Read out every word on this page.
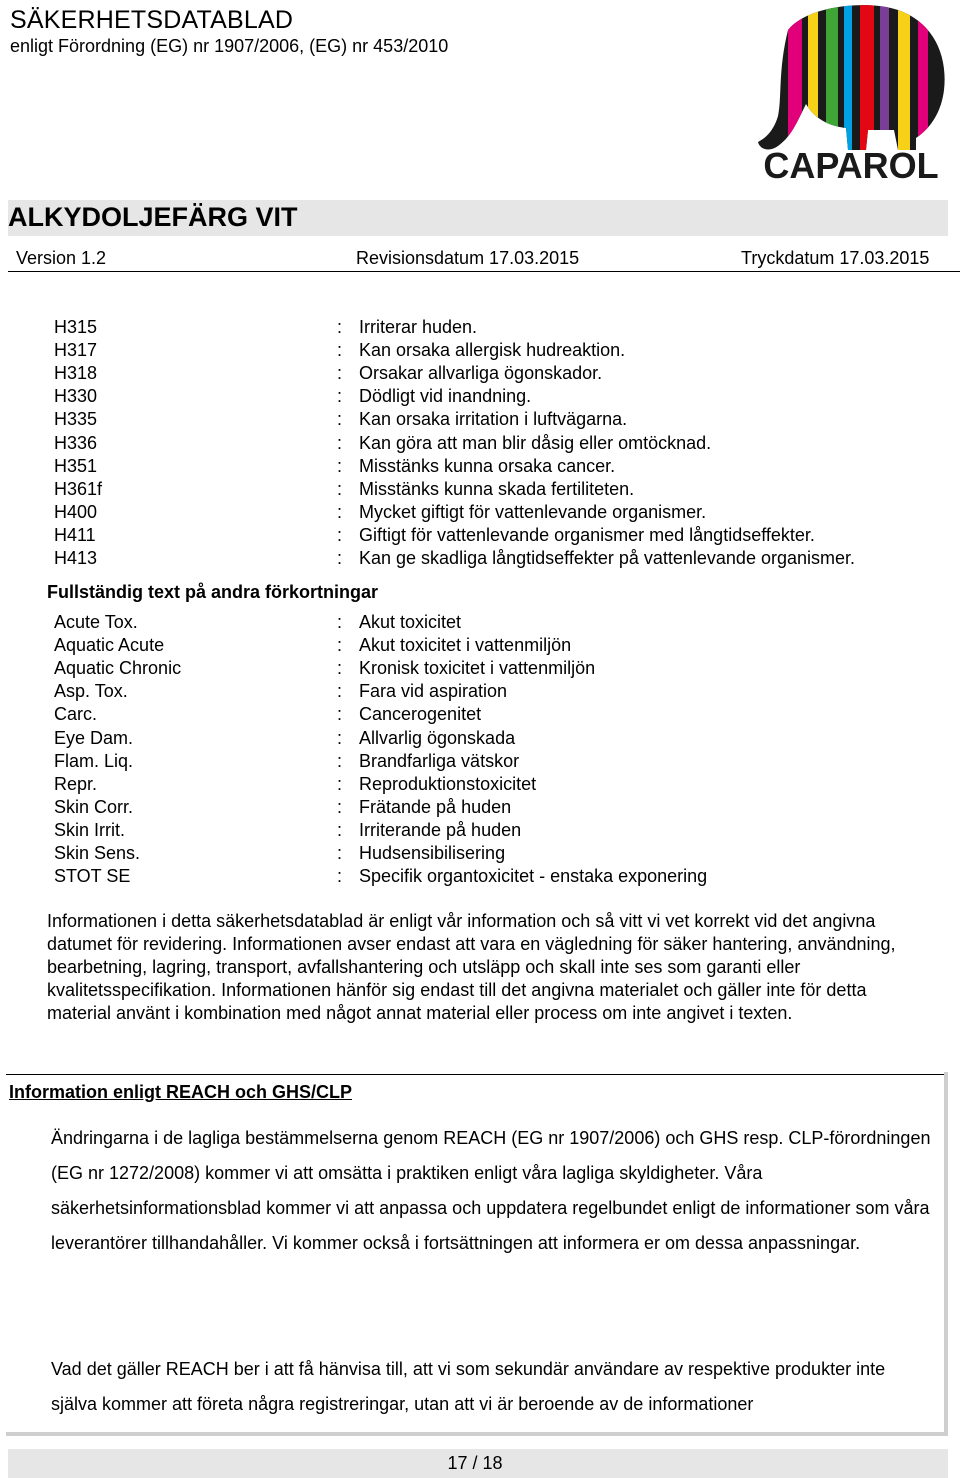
SÄKERHETSDATABLAD
enligt Förordning (EG) nr 1907/2006, (EG) nr 453/2010
CAPAROL
ALKYDOLJEFÄRG VIT
Version 1.2	Revisionsdatum 17.03.2015	Tryckdatum 17.03.2015
H315	: Irriterar huden.
H317	: Kan orsaka allergisk hudreaktion.
H318	: Orsakar allvarliga ögonskador.
H330	: Dödligt vid inandning.
H335	: Kan orsaka irritation i luftvägarna.
H336	: Kan göra att man blir dåsig eller omtöcknad.
H351	: Misstänks kunna orsaka cancer.
H361f	: Misstänks kunna skada fertiliteten.
H400	: Mycket giftigt för vattenlevande organismer.
H411	: Giftigt för vattenlevande organismer med långtidseffekter.
H413	: Kan ge skadliga långtidseffekter på vattenlevande organismer.
Fullständig text på andra förkortningar
Acute Tox.	: Akut toxicitet
Aquatic Acute	: Akut toxicitet i vattenmiljön
Aquatic Chronic	: Kronisk toxicitet i vattenmiljön
Asp. Tox.	: Fara vid aspiration
Carc.	: Cancerogenitet
Eye Dam.	: Allvarlig ögonskada
Flam. Liq.	: Brandfarliga vätskor
Repr.	: Reproduktionstoxicitet
Skin Corr.	: Frätande på huden
Skin Irrit.	: Irriterande på huden
Skin Sens.	: Hudsensibilisering
STOT SE	: Specifik organtoxicitet - enstaka exponering
Informationen i detta säkerhetsdatablad är enligt vår information och så vitt vi vet korrekt vid det angivna datumet för revidering. Informationen avser endast att vara en vägledning för säker hantering, användning, bearbetning, lagring, transport, avfallshantering och utsläpp och skall inte ses som garanti eller kvalitetsspecifikation. Informationen hänför sig endast till det angivna materialet och gäller inte för detta material använt i kombination med något annat material eller process om inte angivet i texten.
Information enligt REACH och GHS/CLP
Ändringarna i de lagliga bestämmelserna genom REACH (EG nr 1907/2006) och GHS resp. CLP-förordningen (EG nr 1272/2008) kommer vi att omsätta i praktiken enligt våra lagliga skyldigheter. Våra säkerhetsinformationsblad kommer vi att anpassa och uppdatera regelbundet enligt de informationer som våra leverantörer tillhandahåller. Vi kommer också i fortsättningen att informera er om dessa anpassningar.
Vad det gäller REACH ber i att få hänvisa till, att vi som sekundär användare av respektive produkter inte själva kommer att företa några registreringar, utan att vi är beroende av de informationer
17 / 18
